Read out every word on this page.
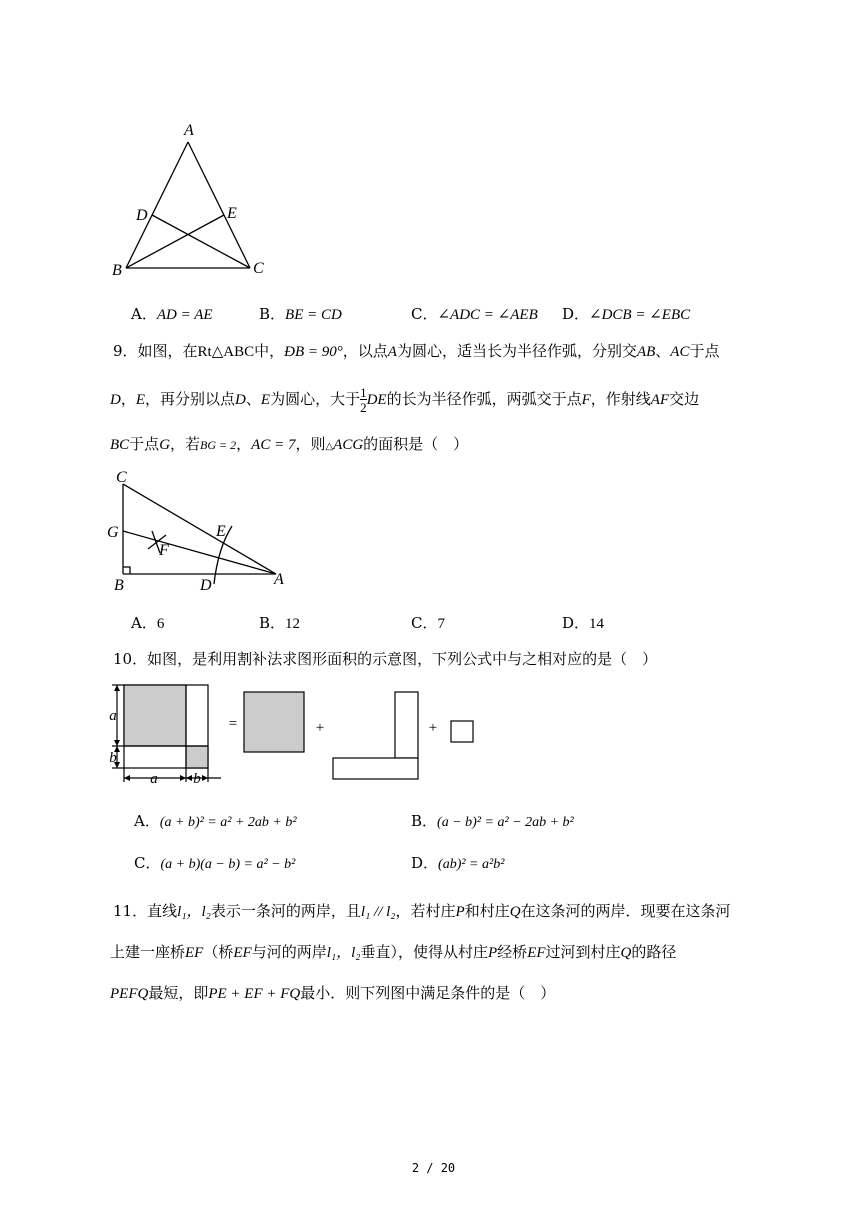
A
D	E
B	C
A．AD = AE	B．BE = CD	C．∠ADC = ∠AEB D．∠DCB = ∠EBC
9．如图，在Rt△ABC中，ÐB = 90°，以点A为圆心，适当长为半径作弧，分别交AB、AC于点
D，E，再分别以点D、E为圆心，大于 $\frac{1}{2}$ DE的长为半径作弧，两弧交于点F，作射线AF交边
BC于点G，若BG = 2，AC = 7，则△ACG的面积是（　）
C
G
F
E
B	D	A
A．6	B．12	C．7	D．14
10．如图，是利用割补法求图形面积的示意图，下列公式中与之相对应的是（　）
a
b
a b
=	+	+
A．(a + b)² = a² + 2ab + b²	B．(a − b)² = a² − 2ab + b²
C．(a + b)(a − b) = a² − b²	D．(ab)² = a²b²
11．直线l₁，l₂表示一条河的两岸，且l₁ // l₂，若村庄P和村庄Q在这条河的两岸．现要在这条河
上建一座桥EF（桥EF与河的两岸l₁，l₂垂直），使得从村庄P经桥EF过河到村庄Q的路径
PEFQ最短，即PE + EF + FQ最小．则下列图中满足条件的是（　）
2 / 20
